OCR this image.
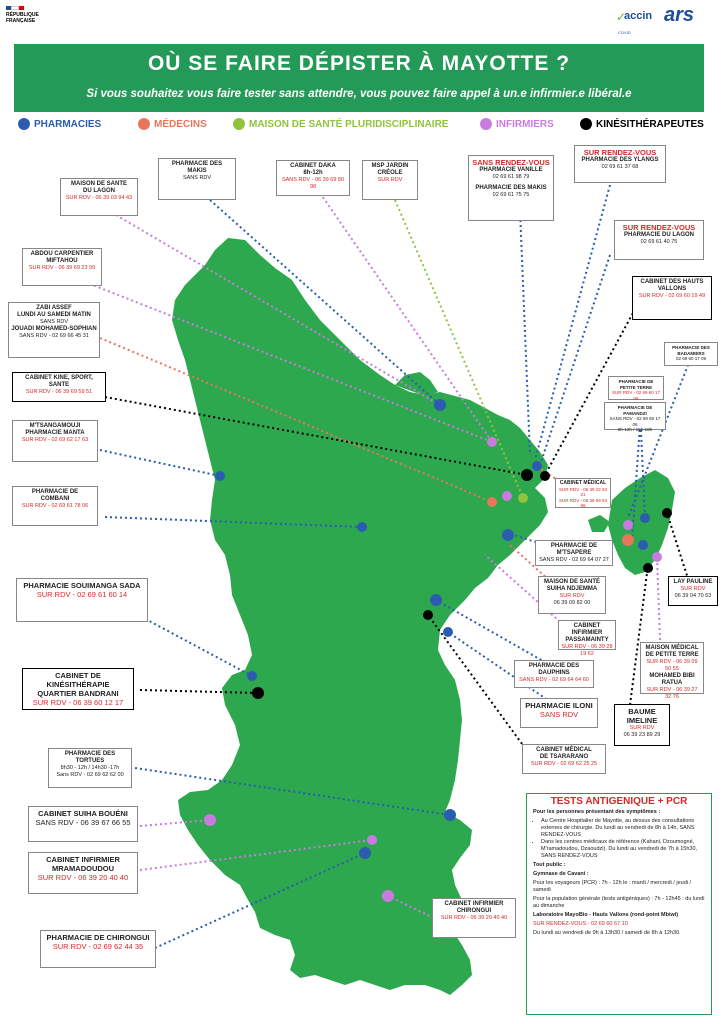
RÉPUBLIQUE
FRANÇAISE	✓
accin
COVID
ars
OÙ SE FAIRE DÉPISTER À MAYOTTE ?
Si vous souhaitez vous faire tester sans attendre, vous pouvez faire appel à un.e infirmier.e libéral.e
PHARMACIES	MÉDECINS	MAISON DE SANTÉ PLURIDISCIPLINAIRE	INFIRMIERS	KINÉSITHÉRAPEUTES
MAISON DE SANTE
DU LAGON
SUR RDV - 06 39 03 94 43
PHARMACIE DES
MAKIS
SANS RDV
CABINET DAKA
8h-12h
SANS RDV - 06 39 69 80 98
MSP JARDIN
CRÉOLE
SUR RDV
SANS RENDEZ-VOUS
PHARMACIE VANILLE
02 69 61 98 79
PHARMACIE DES MAKIS
02 69 61 75 75
SUR RENDEZ-VOUS
PHARMACIE DES YLANGS
02 69 61 37 68
SUR RENDEZ-VOUS
PHARMACIE DU LAGON
02 69 61 40 75
CABINET DES HAUTS
VALLONS
SUR RDV - 02 69 60 19 49
PHARMACIE DES
BADAMIERS
02 69 60 17 09
PHARMACIE DE
PETITE TERRE
SUR RDV - 02 69 60 17 06
PHARMACIE DE
PAMANDZI
SANS RDV - 02 69 60 17 06
8h-12h / 15h-18h
ABDOU CARPENTIER
MIFTAHOU
SUR RDV - 06 39 69 23 99
ZABI ASSEF
LUNDI AU SAMEDI MATIN
SANS RDV
JOUADI MOHAMED-SOPHIAN
SANS RDV - 02 69 66 45 31
CABINET KINE, SPORT, SANTE
SUR RDV - 06 39 69 59 51
M'TSANGAMOUJI
PHARMACIE MANTA
SUR RDV - 02 69 62 17 63
PHARMACIE DE
COMBANI
SUR RDV - 02 69 61 78 06
CABINET MÉDICAL
SUR RDV - 06 39 22 63 21
SUR RDV - 06 39 09 53 66
PHARMACIE DE M'TSAPERE
SANS RDV - 02 69 64 07 27
MAISON DE SANTÉ
SUIHA NDJEMMA
SUR RDV
06 39 09 82 00
CABINET INFIRMIER
PASSAMAINTY
SUR RDV - 06 39 28 19 62
PHARMACIE DES DAUPHINS
SANS RDV - 02 69 64 64 60
PHARMACIE ILONI
SANS RDV
CABINET MÉDICAL
DE TSARARANO
SUR RDV - 02 69 62 25 25
LAY PAULINE
SUR RDV
06 39 04 70 63
MAISON MÉDICAL
DE PETITE TERRE
SUR RDV - 06 39 09 50 55
MOHAMED BIBI RATUA
SUR RDV - 06 39 27 32 76
BAUME
IMELINE
SUR RDV
06 39 23 89 29
PHARMACIE SOUIMANGA SADA
SUR RDV - 02 69 61 60 14
CABINET DE KINÉSITHÉRAPIE
QUARTIER BANDRANI
SUR RDV - 06 39 60 12 17
PHARMACIE DES TORTUES
8h30 - 12h / 14h30 -17h
Sans RDV - 02 69 62 62 00
CABINET SUIHA BOUÉNI
SANS RDV - 06 39 67 66 55
CABINET INFIRMIER
MRAMADOUDOU
SUR RDV - 06 39 20 40 40
PHARMACIE DE CHIRONGUI
SUR RDV - 02 69 62 44 35
CABINET INFIRMIER
CHIRONGUI
SUR RDV - 06 39 20 40 40
TESTS ANTIGENIQUE + PCR

Pour les personnes présentant des symptômes :

• Au Centre Hospitalier de Mayotte, au dessus des consultations externes de chirurgie. Du lundi au vendredi de 8h à 14h, SANS RENDEZ-VOUS
• Dans les centres médicaux de référence (Kahani, Dzoumogné, M'ramadoudou, Dzaoudzi). Du lundi au vendredi de 7h à 15h30, SANS RENDEZ-VOUS

Tout public :

Gymnase de Cavani :

Pour les voyageurs (PCR) : 7h - 12h le : mardi / mercredi / jeudi / samedi

Pour la population générale (tests antigéniques) : 7h - 12h45 : du lundi au dimanche

Laboratoire MayoBio - Hauts Vallons (rond-point Mbiwi)

SUR RENDEZ-VOUS - 02 69 60 67 10

Du lundi au vendredi de 9h à 13h30 / samedi de 8h à 12h30.
